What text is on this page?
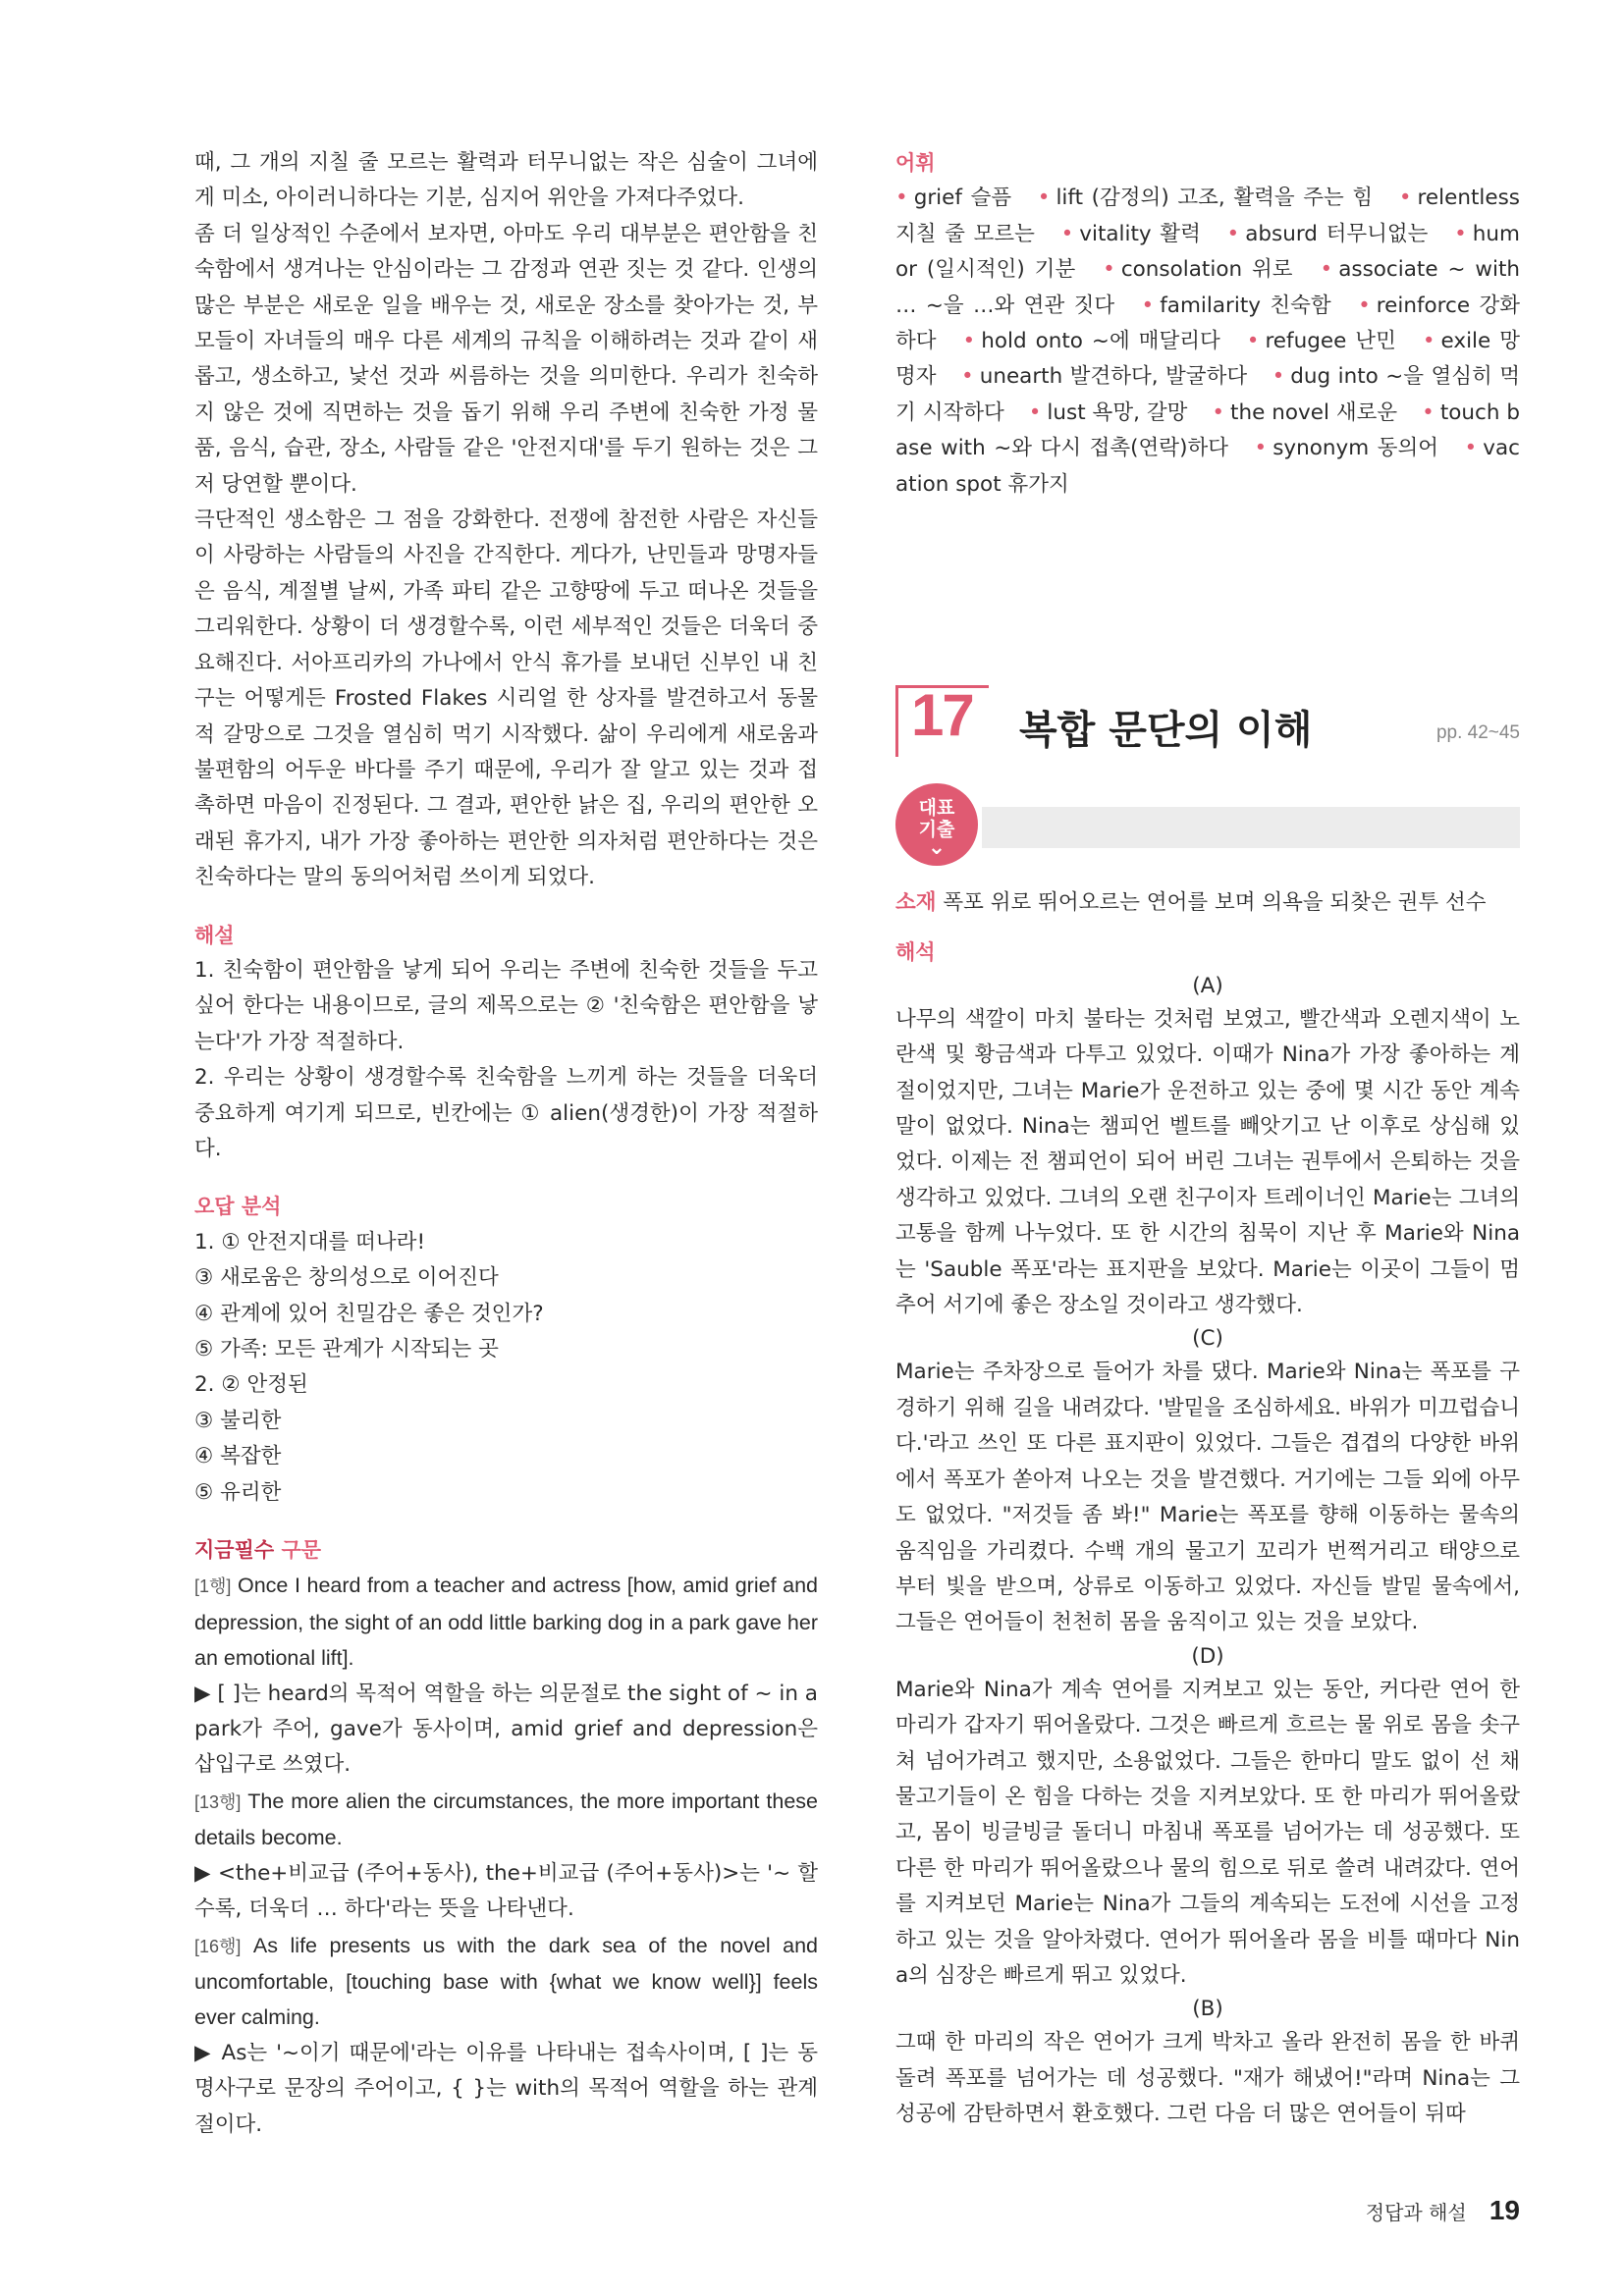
때, 그 개의 지칠 줄 모르는 활력과 터무니없는 작은 심술이 그녀에게 미소, 아이러니하다는 기분, 심지어 위안을 가져다주었다.

좀 더 일상적인 수준에서 보자면, 아마도 우리 대부분은 편안함을 친숙함에서 생겨나는 안심이라는 그 감정과 연관 짓는 것 같다. 인생의 많은 부분은 새로운 일을 배우는 것, 새로운 장소를 찾아가는 것, 부모들이 자녀들의 매우 다른 세계의 규칙을 이해하려는 것과 같이 새롭고, 생소하고, 낯선 것과 씨름하는 것을 의미한다. 우리가 친숙하지 않은 것에 직면하는 것을 돕기 위해 우리 주변에 친숙한 가정 물품, 음식, 습관, 장소, 사람들 같은 '안전지대'를 두기 원하는 것은 그저 당연할 뿐이다.

극단적인 생소함은 그 점을 강화한다. 전쟁에 참전한 사람은 자신들이 사랑하는 사람들의 사진을 간직한다. 게다가, 난민들과 망명자들은 음식, 계절별 날씨, 가족 파티 같은 고향땅에 두고 떠나온 것들을 그리워한다. 상황이 더 생경할수록, 이런 세부적인 것들은 더욱더 중요해진다. 서아프리카의 가나에서 안식 휴가를 보내던 신부인 내 친구는 어떻게든 Frosted Flakes 시리얼 한 상자를 발견하고서 동물적 갈망으로 그것을 열심히 먹기 시작했다. 삶이 우리에게 새로움과 불편함의 어두운 바다를 주기 때문에, 우리가 잘 알고 있는 것과 접촉하면 마음이 진정된다. 그 결과, 편안한 낡은 집, 우리의 편안한 오래된 휴가지, 내가 가장 좋아하는 편안한 의자처럼 편안하다는 것은 친숙하다는 말의 동의어처럼 쓰이게 되었다.

해설

1. 친숙함이 편안함을 낳게 되어 우리는 주변에 친숙한 것들을 두고 싶어 한다는 내용이므로, 글의 제목으로는 ② '친숙함은 편안함을 낳는다'가 가장 적절하다.

2. 우리는 상황이 생경할수록 친숙함을 느끼게 하는 것들을 더욱더 중요하게 여기게 되므로, 빈칸에는 ① alien(생경한)이 가장 적절하다.

오답 분석

1. ① 안전지대를 떠나라!

③ 새로움은 창의성으로 이어진다

④ 관계에 있어 친밀감은 좋은 것인가?

⑤ 가족: 모든 관계가 시작되는 곳

2. ② 안정된

③ 불리한

④ 복잡한

⑤ 유리한

지금필수 구문

[1행] Once I heard from a teacher and actress [how, amid grief and depression, the sight of an odd little barking dog in a park gave her an emotional lift].

▶ [ ]는 heard의 목적어 역할을 하는 의문절로 the sight of ~ in a park가 주어, gave가 동사이며, amid grief and depression은 삽입구로 쓰였다.

[13행] The more alien the circumstances, the more important these details become.

▶ <the+비교급 (주어+동사), the+비교급 (주어+동사)>는 '~ 할수록, 더욱더 … 하다'라는 뜻을 나타낸다.

[16행] As life presents us with the dark sea of the novel and uncomfortable, [touching base with {what we know well}] feels ever calming.

▶ As는 '~이기 때문에'라는 이유를 나타내는 접속사이며, [ ]는 동명사구로 문장의 주어이고, { }는 with의 목적어 역할을 하는 관계절이다.

어휘

• grief 슬픔 • lift (감정의) 고조, 활력을 주는 힘 • relentless 지칠 줄 모르는 • vitality 활력 • absurd 터무니없는 • humor (일시적인) 기분 • consolation 위로 • associate ~ with … ~을 …와 연관 짓다 • familarity 친숙함 • reinforce 강화하다 • hold onto ~에 매달리다 • refugee 난민 • exile 망명자 • unearth 발견하다, 발굴하다 • dug into ~을 열심히 먹기 시작하다 • lust 욕망, 갈망 • the novel 새로운 • touch base with ~와 다시 접촉(연락)하다 • synonym 동의어 • vacation spot 휴가지

17 복합 문단의 이해	pp. 42~45
대표
기출
⌄

소재 폭포 위로 뛰어오르는 연어를 보며 의욕을 되찾은 권투 선수

해석

(A)

나무의 색깔이 마치 불타는 것처럼 보였고, 빨간색과 오렌지색이 노란색 및 황금색과 다투고 있었다. 이때가 Nina가 가장 좋아하는 계절이었지만, 그녀는 Marie가 운전하고 있는 중에 몇 시간 동안 계속 말이 없었다. Nina는 챔피언 벨트를 빼앗기고 난 이후로 상심해 있었다. 이제는 전 챔피언이 되어 버린 그녀는 권투에서 은퇴하는 것을 생각하고 있었다. 그녀의 오랜 친구이자 트레이너인 Marie는 그녀의 고통을 함께 나누었다. 또 한 시간의 침묵이 지난 후 Marie와 Nina는 'Sauble 폭포'라는 표지판을 보았다. Marie는 이곳이 그들이 멈추어 서기에 좋은 장소일 것이라고 생각했다.

(C)

Marie는 주차장으로 들어가 차를 댔다. Marie와 Nina는 폭포를 구경하기 위해 길을 내려갔다. '발밑을 조심하세요. 바위가 미끄럽습니다.'라고 쓰인 또 다른 표지판이 있었다. 그들은 겹겹의 다양한 바위에서 폭포가 쏟아져 나오는 것을 발견했다. 거기에는 그들 외에 아무도 없었다. "저것들 좀 봐!" Marie는 폭포를 향해 이동하는 물속의 움직임을 가리켰다. 수백 개의 물고기 꼬리가 번쩍거리고 태양으로부터 빛을 받으며, 상류로 이동하고 있었다. 자신들 발밑 물속에서, 그들은 연어들이 천천히 몸을 움직이고 있는 것을 보았다.

(D)

Marie와 Nina가 계속 연어를 지켜보고 있는 동안, 커다란 연어 한 마리가 갑자기 뛰어올랐다. 그것은 빠르게 흐르는 물 위로 몸을 솟구쳐 넘어가려고 했지만, 소용없었다. 그들은 한마디 말도 없이 선 채 물고기들이 온 힘을 다하는 것을 지켜보았다. 또 한 마리가 뛰어올랐고, 몸이 빙글빙글 돌더니 마침내 폭포를 넘어가는 데 성공했다. 또 다른 한 마리가 뛰어올랐으나 물의 힘으로 뒤로 쓸려 내려갔다. 연어를 지켜보던 Marie는 Nina가 그들의 계속되는 도전에 시선을 고정하고 있는 것을 알아차렸다. 연어가 뛰어올라 몸을 비틀 때마다 Nina의 심장은 빠르게 뛰고 있었다.

(B)

그때 한 마리의 작은 연어가 크게 박차고 올라 완전히 몸을 한 바퀴 돌려 폭포를 넘어가는 데 성공했다. "재가 해냈어!"라며 Nina는 그 성공에 감탄하면서 환호했다. 그런 다음 더 많은 연어들이 뒤따

정답과 해설 19
